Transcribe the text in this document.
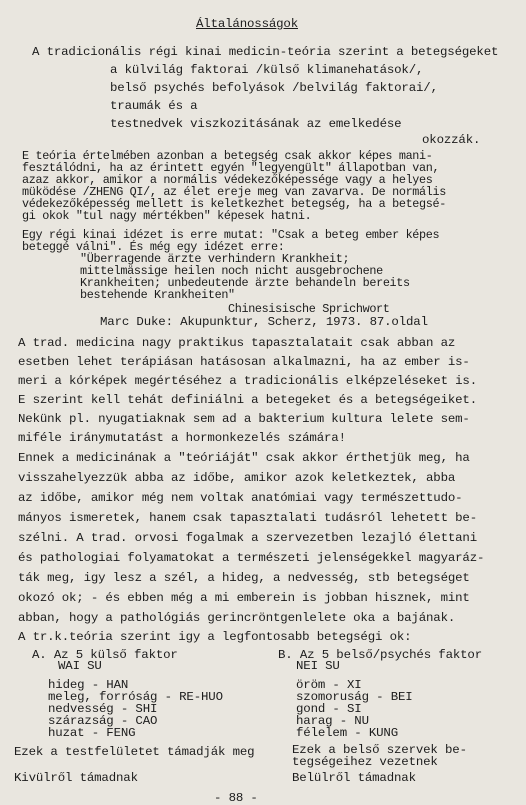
Általánosságok
A tradicionális régi kinai medicin-teória szerint a betegségeket
a külvilág faktorai /külső klimanehatások/,
belső psychés befolyások /belvilág faktorai/,
traumák és a
testnedvek viszkozitásának az emelkedése
okozzák.
E teória értelmében azonban a betegség csak akkor képes mani-
fesztálódni, ha az érintett egyén "legyengült" állapotban van,
azaz akkor, amikor a normális védekezőképessége vagy a helyes
müködése /ZHENG QI/, az élet ereje meg van zavarva. De normális
védekezőképesség mellett is keletkezhet betegség, ha a betegsé-
gi okok "tul nagy mértékben" képesek hatni.
Egy régi kinai idézet is erre mutat: "Csak a beteg ember képes
beteggé válni". És még egy idézet erre:
"Überragende ärzte verhindern Krankheit;
mittelmässige heilen noch nicht ausgebrochene
Krankheiten; unbedeutende ärzte behandeln bereits
bestehende Krankheiten"
Chinesisische Sprichwort
Marc Duke: Akupunktur, Scherz, 1973. 87.oldal
A trad. medicina nagy praktikus tapasztalatait csak abban az
esetben lehet terápiásan hatásosan alkalmazni, ha az ember is-
meri a kórképek megértéséhez a tradicionális elképzeléseket is.
E szerint kell tehát definiálni a betegeket és a betegségeiket.
Nekünk pl. nyugatiaknak sem ad a bakterium kultura lelete sem-
miféle iránymutatást a hormonkezelés számára!
Ennek a medicinának a "teóriáját" csak akkor érthetjük meg, ha
visszahelyezzük abba az időbe, amikor azok keletkeztek, abba
az időbe, amikor még nem voltak anatómiai vagy természettudo-
mányos ismeretek, hanem csak tapasztalati tudásról lehetett be-
szélni. A trad. orvosi fogalmak a szervezetben lezajló élettani
és pathologiai folyamatokat a természeti jelenségekkel magyaráz-
ták meg, igy lesz a szél, a hideg, a nedvesség, stb betegséget
okozó ok; - és ebben még a mi emberein is jobban hisznek, mint
abban, hogy a pathológiás gerincröntgenlelete oka a bajának.
A tr.k.teória szerint igy a legfontosabb betegségi ok:
A. Az 5 külső faktor
WAI SU
hideg - HAN
meleg, forróság - RE-HUO
nedvesség - SHI
szárazság - CAO
huzat - FENG
Ezek a testfelületet támadják meg
Kivülről támadnak
B. Az 5 belső/psychés faktor
NEI SU
öröm - XI
szomoruság - BEI
gond - SI
harag - NU
félelem - KUNG
Ezek a belső szervek be-
tegségeihez vezetnek
Belülről támadnak
- 88 -
